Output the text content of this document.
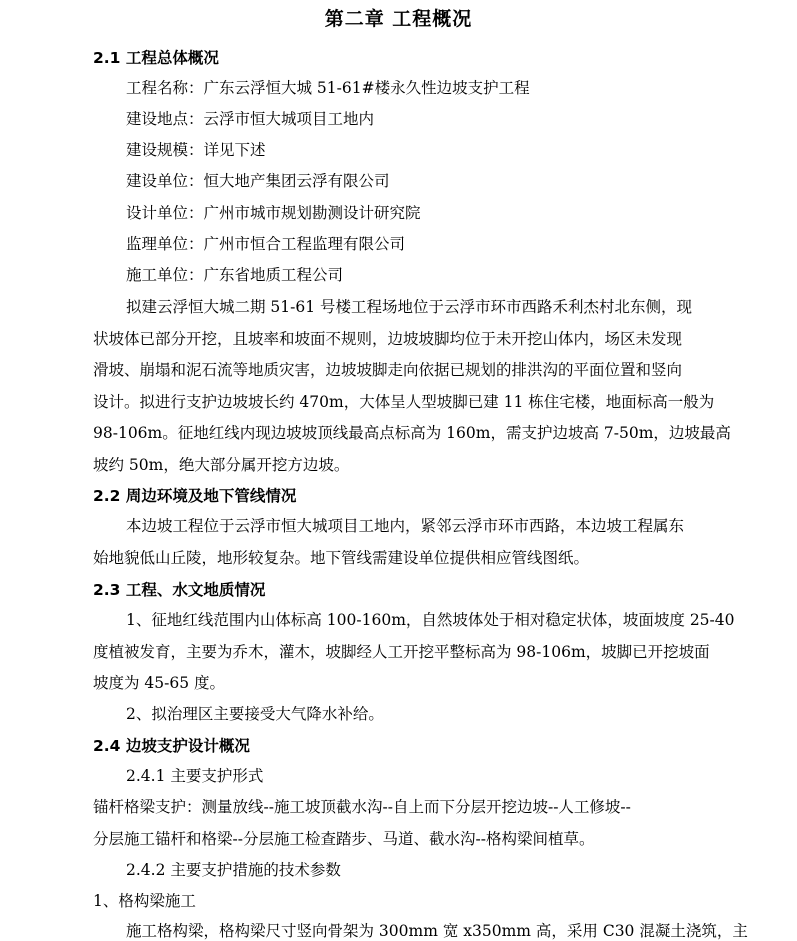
第二章 工程概况
2.1 工程总体概况

工程名称：广东云浮恒大城 51-61#楼永久性边坡支护工程

建设地点：云浮市恒大城项目工地内

建设规模：详见下述

建设单位：恒大地产集团云浮有限公司

设计单位：广州市城市规划勘测设计研究院

监理单位：广州市恒合工程监理有限公司

施工单位：广东省地质工程公司

拟建云浮恒大城二期 51-61 号楼工程场地位于云浮市环市西路禾利杰村北东侧，现
状坡体已部分开挖，且坡率和坡面不规则，边坡坡脚均位于未开挖山体内，场区未发现
滑坡、崩塌和泥石流等地质灾害，边坡坡脚走向依据已规划的排洪沟的平面位置和竖向
设计。拟进行支护边坡坡长约 470m，大体呈人型坡脚已建 11 栋住宅楼，地面标高一般为
98-106m。征地红线内现边坡坡顶线最高点标高为 160m，需支护边坡高 7-50m，边坡最高
坡约 50m，绝大部分属开挖方边坡。
2.2 周边环境及地下管线情况
本边坡工程位于云浮市恒大城项目工地内，紧邻云浮市环市西路，本边坡工程属东
始地貌低山丘陵，地形较复杂。地下管线需建设单位提供相应管线图纸。
2.3 工程、水文地质情况
1、征地红线范围内山体标高 100-160m，自然坡体处于相对稳定状体，坡面坡度 25-40
度植被发育，主要为乔木，灌木，坡脚经人工开挖平整标高为 98-106m，坡脚已开挖坡面
坡度为 45-65 度。

2、拟治理区主要接受大气降水补给。

2.4 边坡支护设计概况

2.4.1 主要支护形式

锚杆格梁支护：测量放线--施工坡顶截水沟--自上而下分层开挖边坡--人工修坡--
分层施工锚杆和格梁--分层施工检查踏步、马道、截水沟--格构梁间植草。

2.4.2 主要支护措施的技术参数

1、格构梁施工

施工格构梁，格构梁尺寸竖向骨架为 300mm 宽 x350mm 高，采用 C30 混凝土浇筑，主
